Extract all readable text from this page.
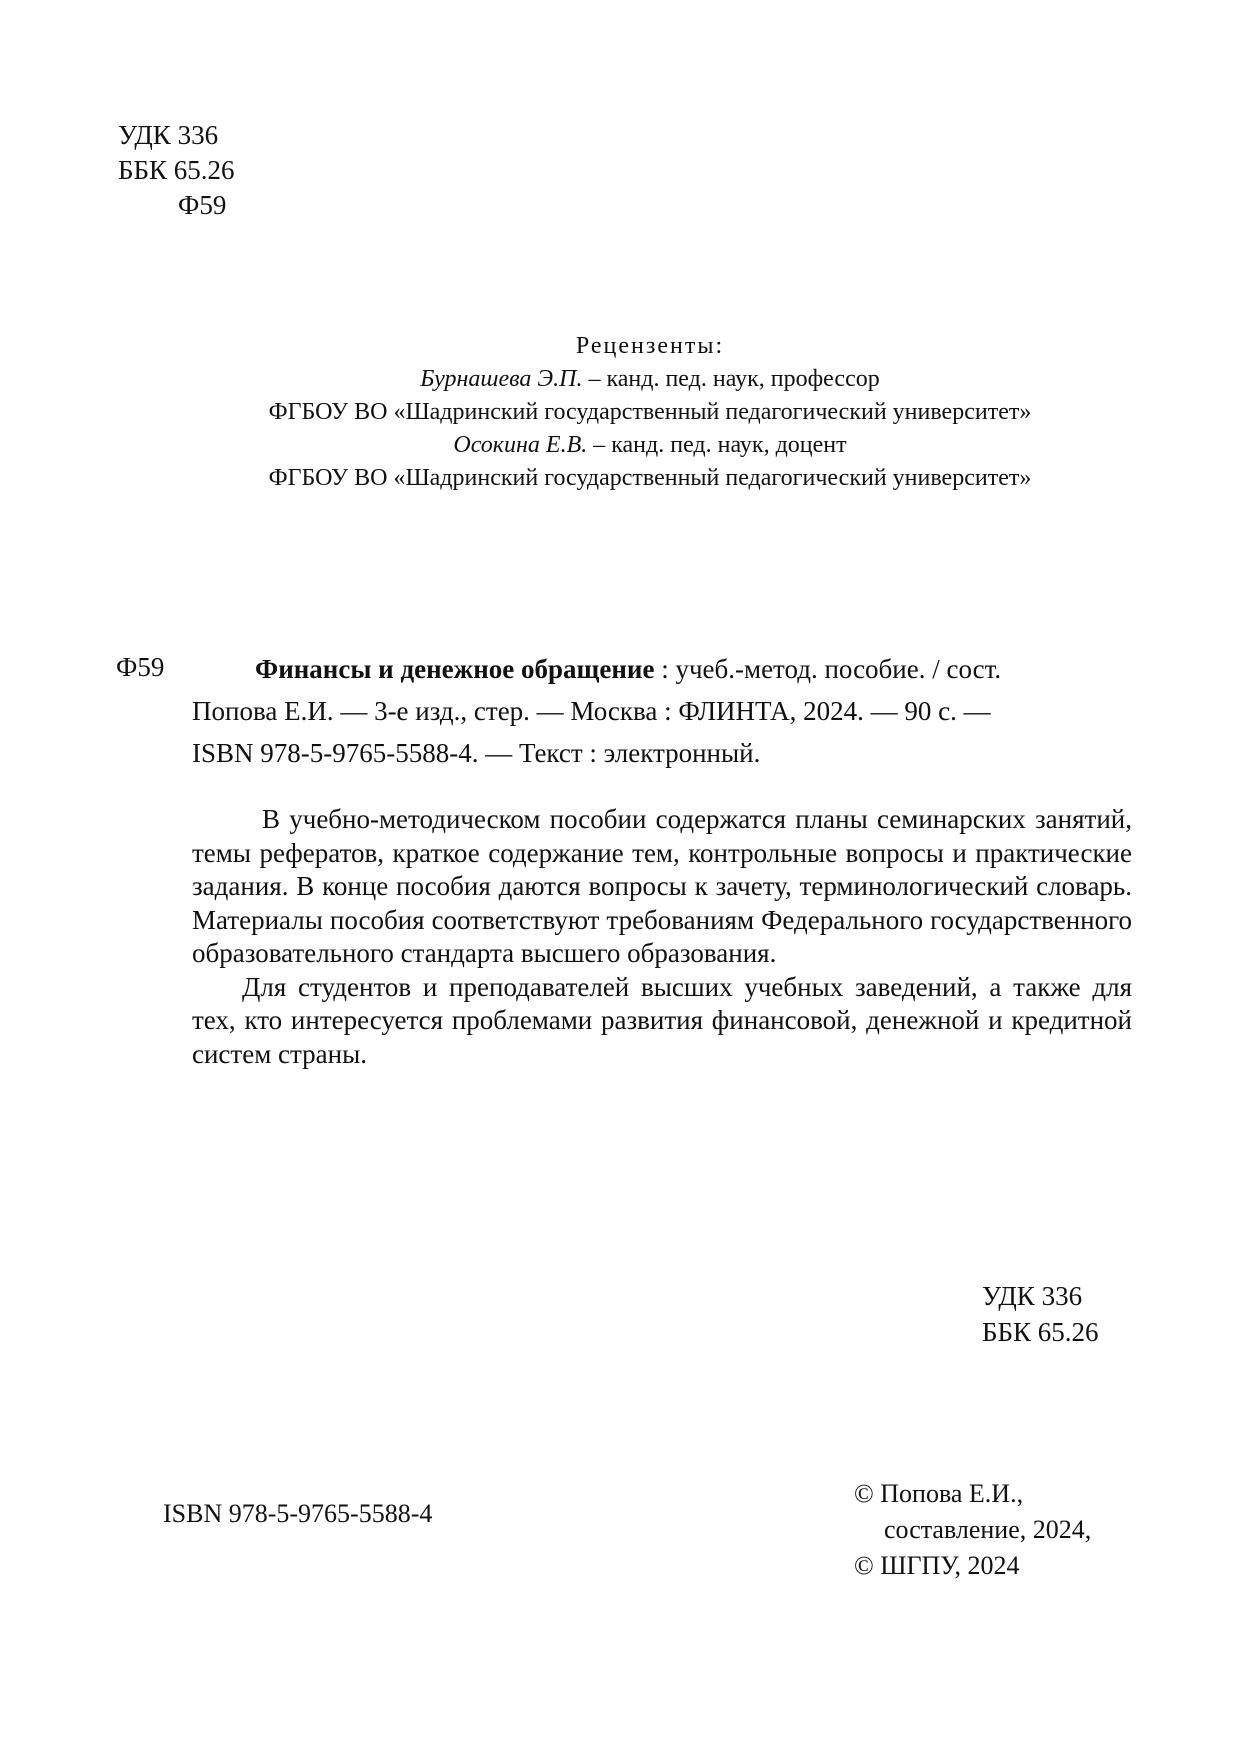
УДК 336
ББК 65.26
Ф59
Рецензенты:
Бурнашева Э.П. – канд. пед. наук, профессор
ФГБОУ ВО «Шадринский государственный педагогический университет»
Осокина Е.В. – канд. пед. наук, доцент
ФГБОУ ВО «Шадринский государственный педагогический университет»
Ф59	Финансы и денежное обращение : учеб.-метод. пособие. / сост.

Попова Е.И. — 3-е изд., стер. — Москва : ФЛИНТА, 2024. — 90 с. —

ISBN 978-5-9765-5588-4. — Текст : электронный.

В учебно-методическом пособии содержатся планы семинарских занятий, темы рефератов, краткое содержание тем, контрольные вопросы и практические задания. В конце пособия даются вопросы к зачету, терминологический словарь. Материалы пособия соответствуют требованиям Федерального государственного образовательного стандарта высшего образования.

Для студентов и преподавателей высших учебных заведений, а также для тех, кто интересуется проблемами развития финансовой, денежной и кредитной систем страны.

УДК 336
ББК 65.26
ISBN 978-5-9765-5588-4
© Попова Е.И.,
составление, 2024,
© ШГПУ, 2024
